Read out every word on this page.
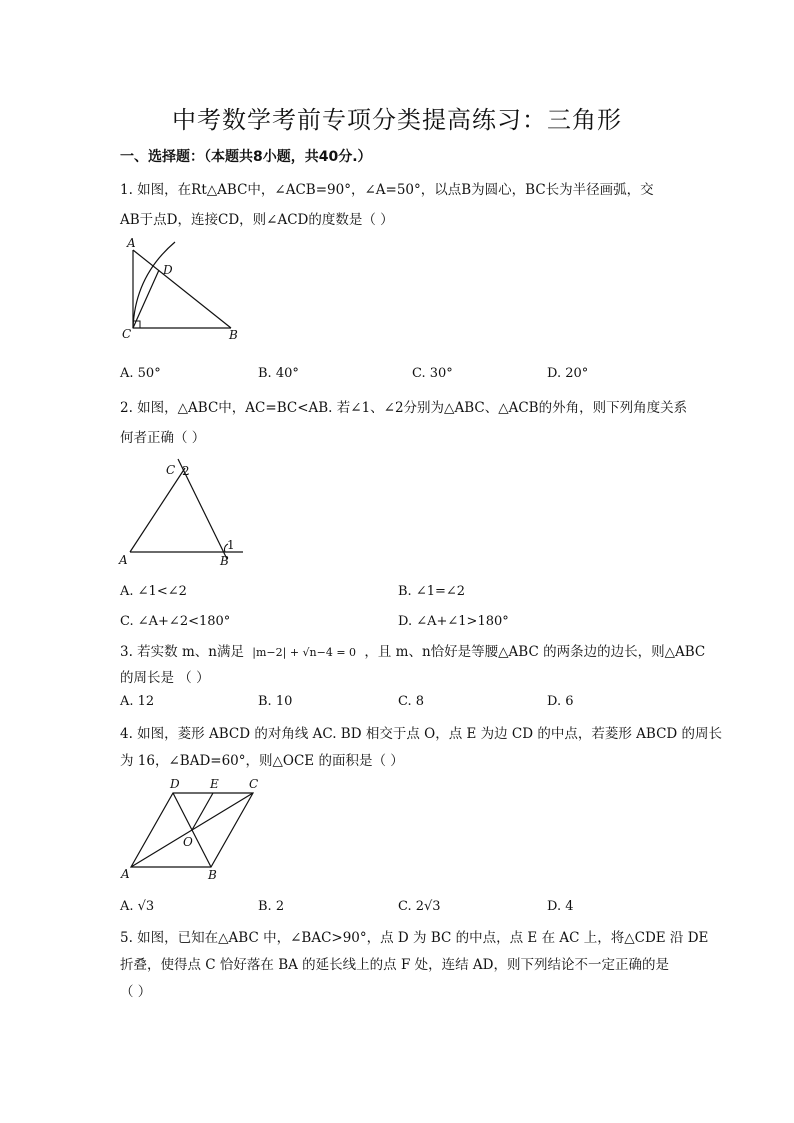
中考数学考前专项分类提高练习：三角形
一、选择题：（本题共8小题，共40分.）
1. 如图，在Rt△ABC中，∠ACB=90°，∠A=50°，以点B为圆心，BC长为半径画弧，交
AB于点D，连接CD，则∠ACD的度数是（ ）
A
D
C	B
A. 50°	B. 40°	C. 30°	D. 20°
2. 如图，△ABC中，AC=BC<AB. 若∠1、∠2分别为△ABC、△ACB的外角，则下列角度关系
何者正确（ ）
C 2
A	B
1
A. ∠1<∠2	B. ∠1=∠2
C. ∠A+∠2<180°	D. ∠A+∠1>180°
3. 若实数 m、n满足 |m−2| + √n−4 = 0 ，且 m、n恰好是等腰△ABC 的两条边的边长，则△ABC
的周长是 （ ）
A. 12	B. 10	C. 8	D. 6
4. 如图，菱形 ABCD 的对角线 AC. BD 相交于点 O，点 E 为边 CD 的中点，若菱形 ABCD 的周长
为 16，∠BAD=60°，则△OCE 的面积是（ ）
D	E	C
O
A	B
A. √3	B. 2	C. 2√3	D. 4
5. 如图，已知在△ABC 中，∠BAC>90°，点 D 为 BC 的中点，点 E 在 AC 上，将△CDE 沿 DE
折叠，使得点 C 恰好落在 BA 的延长线上的点 F 处，连结 AD，则下列结论不一定正确的是
（ ）
